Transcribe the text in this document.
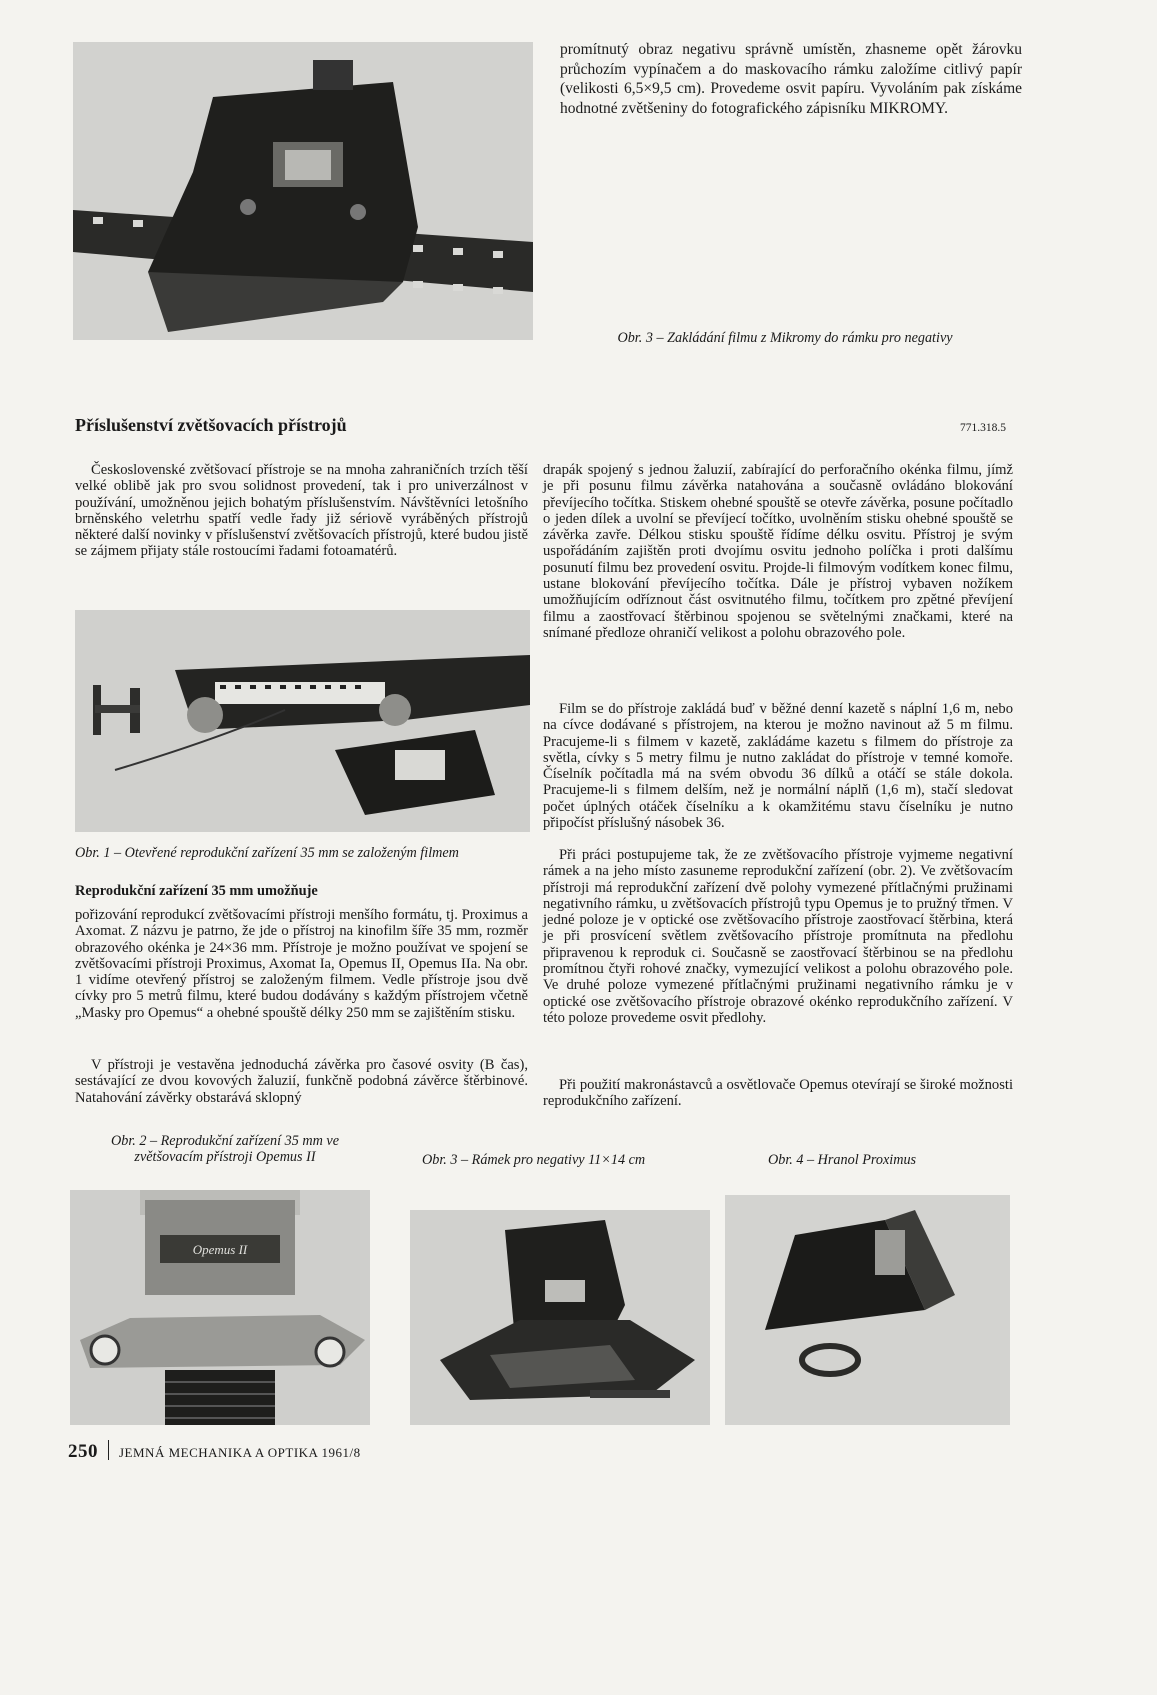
promítnutý obraz negativu správně umístěn, zhasneme opět žárovku průchozím vypínačem a do maskovacího rámku založíme citlivý papír (velikosti 6,5×9,5 cm). Provedeme osvit papíru. Vyvoláním pak získáme hodnotné zvětšeniny do fotografického zápisníku MIKROMY.

Obr. 3 – Zakládání filmu z Mikromy do rámku pro negativy

Příslušenství zvětšovacích přístrojů	771.318.5

Československé zvětšovací přístroje se na mnoha zahraničních trzích těší velké oblibě jak pro svou solidnost provedení, tak i pro univerzálnost v používání, umožněnou jejich bohatým příslušenstvím. Návštěvníci letošního brněnského veletrhu spatří vedle řady již sériově vyráběných přístrojů některé další novinky v příslušenství zvětšovacích přístrojů, které budou jistě se zájmem přijaty stále rostoucími řadami fotoamatérů.

Obr. 1 – Otevřené reprodukční zařízení 35 mm se založeným filmem

Reprodukční zařízení 35 mm umožňuje

pořizování reprodukcí zvětšovacími přístroji menšího formátu, tj. Proximus a Axomat. Z názvu je patrno, že jde o přístroj na kinofilm šíře 35 mm, rozměr obrazového okénka je 24×36 mm. Přístroje je možno používat ve spojení se zvětšovacími přístroji Proximus, Axomat Ia, Opemus II, Opemus IIa. Na obr. 1 vidíme otevřený přístroj se založeným filmem. Vedle přístroje jsou dvě cívky pro 5 metrů filmu, které budou dodávány s každým přístrojem včetně „Masky pro Opemus“ a ohebné spouště délky 250 mm se zajištěním stisku.

V přístroji je vestavěna jednoduchá závěrka pro časové osvity (B čas), sestávající ze dvou kovových žaluzií, funkčně podobná závěrce štěrbinové. Natahování závěrky obstarává sklopný

drapák spojený s jednou žaluzií, zabírající do perforačního okénka filmu, jímž je při posunu filmu závěrka natahována a současně ovládáno blokování převíjecího točítka. Stiskem ohebné spouště se otevře závěrka, posune počítadlo o jeden dílek a uvolní se převíjecí točítko, uvolněním stisku ohebné spouště se závěrka zavře. Délkou stisku spouště řídíme délku osvitu. Přístroj je svým uspořádáním zajištěn proti dvojímu osvitu jednoho políčka i proti dalšímu posunutí filmu bez provedení osvitu. Projde-li filmovým vodítkem konec filmu, ustane blokování převíjecího točítka. Dále je přístroj vybaven nožíkem umožňujícím odříznout část osvitnutého filmu, točítkem pro zpětné převíjení filmu a zaostřovací štěrbinou spojenou se světelnými značkami, které na snímané předloze ohraničí velikost a polohu obrazového pole.

Film se do přístroje zakládá buď v běžné denní kazetě s náplní 1,6 m, nebo na cívce dodávané s přístrojem, na kterou je možno navinout až 5 m filmu. Pracujeme-li s filmem v kazetě, zakládáme kazetu s filmem do přístroje za světla, cívky s 5 metry filmu je nutno zakládat do přístroje v temné komoře. Číselník počítadla má na svém obvodu 36 dílků a otáčí se stále dokola. Pracujeme-li s filmem delším, než je normální náplň (1,6 m), stačí sledovat počet úplných otáček číselníku a k okamžitému stavu číselníku je nutno připočíst příslušný násobek 36.

Při práci postupujeme tak, že ze zvětšovacího přístroje vyjmeme negativní rámek a na jeho místo zasuneme reprodukční zařízení (obr. 2). Ve zvětšovacím přístroji má reprodukční zařízení dvě polohy vymezené přítlačnými pružinami negativního rámku, u zvětšovacích přístrojů typu Opemus je to pružný třmen. V jedné poloze je v optické ose zvětšovacího přístroje zaostřovací štěrbina, která je při prosvícení světlem zvětšovacího přístroje promítnuta na předlohu připravenou k reproduk ci. Současně se zaostřovací štěrbinou se na předlohu promítnou čtyři rohové značky, vymezující velikost a polohu obrazového pole. Ve druhé poloze vymezené přítlačnými pružinami negativního rámku je v optické ose zvětšovacího přístroje obrazové okénko reprodukčního zařízení. V této poloze provedeme osvit předlohy.

Při použití makronástavců a osvětlovače Opemus otevírají se široké možnosti reprodukčního zařízení.

Obr. 2 – Reprodukční zařízení 35 mm ve zvětšovacím přístroji Opemus II	Obr. 3 – Rámek pro negativy 11×14 cm	Obr. 4 – Hranol Proximus

Opemus II
250 JEMNÁ MECHANIKA A OPTIKA 1961/8
